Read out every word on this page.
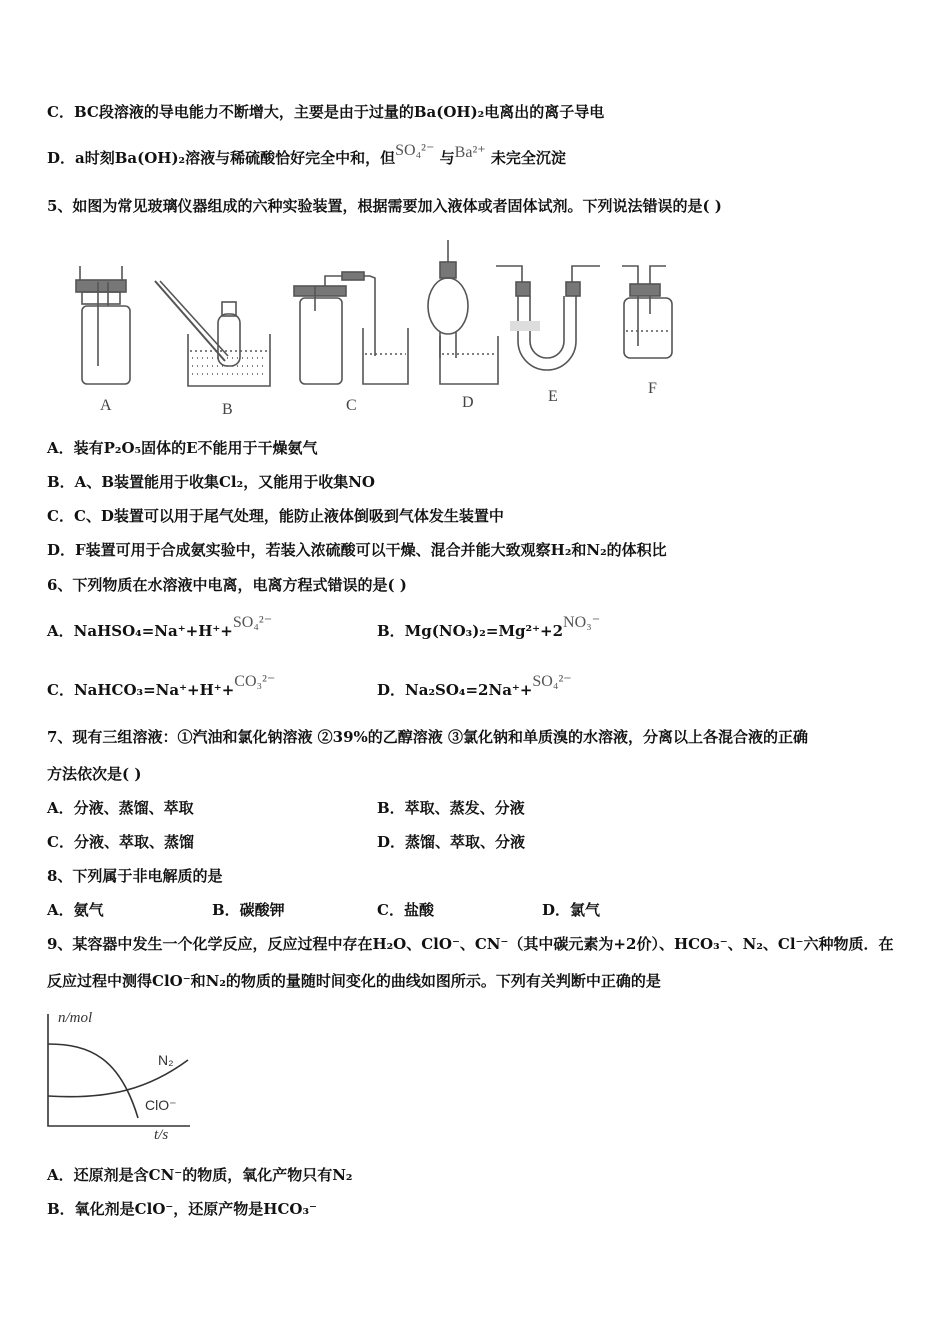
C．BC段溶液的导电能力不断增大，主要是由于过量的Ba(OH)₂电离出的离子导电
D．a时刻Ba(OH)₂溶液与稀硫酸恰好完全中和，但SO₄²⁻ 与Ba²⁺ 未完全沉淀
5、如图为常见玻璃仪器组成的六种实验装置，根据需要加入液体或者固体试剂。下列说法错误的是( )
A	B	C	D	E	F
A．装有P₂O₅固体的E不能用于干燥氨气
B．A、B装置能用于收集Cl₂，又能用于收集NO
C．C、D装置可以用于尾气处理，能防止液体倒吸到气体发生装置中
D．F装置可用于合成氨实验中，若装入浓硫酸可以干燥、混合并能大致观察H₂和N₂的体积比
6、下列物质在水溶液中电离，电离方程式错误的是( )
A．NaHSO₄=Na⁺+H⁺+SO₄²⁻	B．Mg(NO₃)₂=Mg²⁺+2NO₃⁻
C．NaHCO₃=Na⁺+H⁺+CO₃²⁻	D．Na₂SO₄=2Na⁺+SO₄²⁻
7、现有三组溶液：①汽油和氯化钠溶液 ②39%的乙醇溶液 ③氯化钠和单质溴的水溶液，分离以上各混合液的正确
方法依次是( )
A．分液、蒸馏、萃取	B．萃取、蒸发、分液
C．分液、萃取、蒸馏	D．蒸馏、萃取、分液
8、下列属于非电解质的是
A．氨气	B．碳酸钾	C．盐酸	D．氯气
9、某容器中发生一个化学反应，反应过程中存在H₂O、ClO⁻、CN⁻（其中碳元素为+2价）、HCO₃⁻、N₂、Cl⁻六种物质．在
反应过程中测得ClO⁻和N₂的物质的量随时间变化的曲线如图所示。下列有关判断中正确的是
n/mol
N₂
ClO⁻
t/s
A．还原剂是含CN⁻的物质，氧化产物只有N₂
B．氧化剂是ClO⁻，还原产物是HCO₃⁻
